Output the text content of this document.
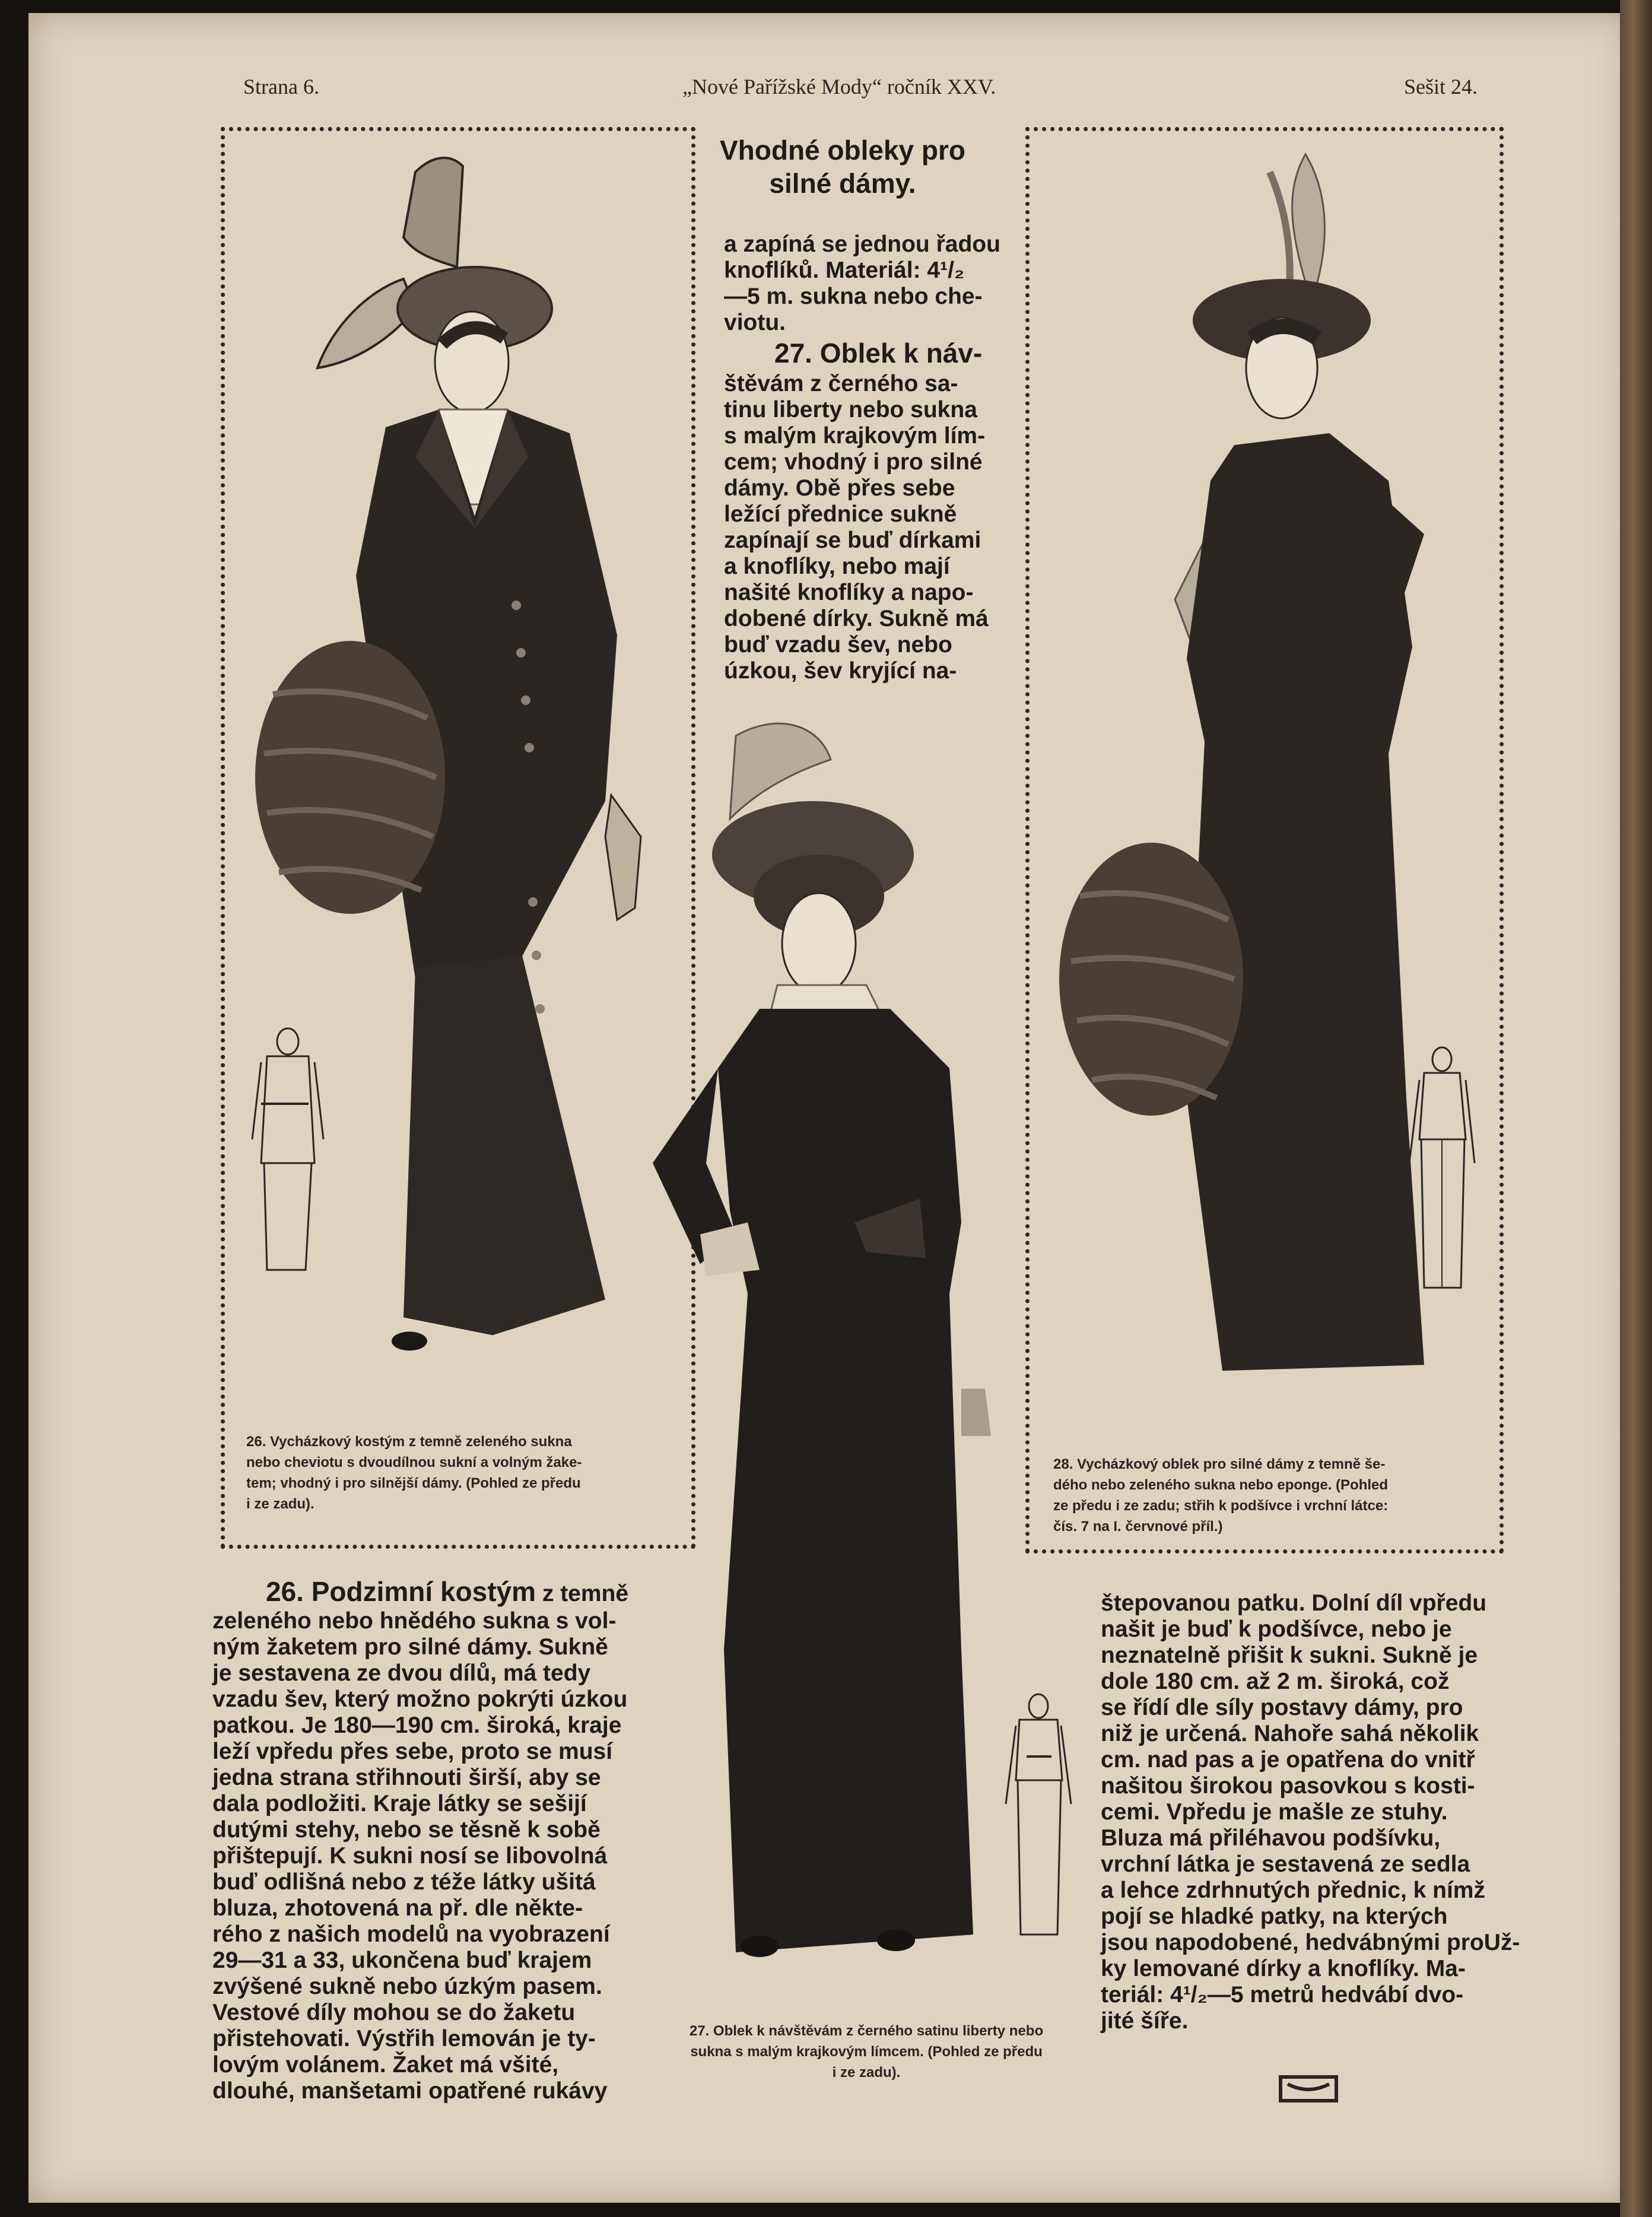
Strana 6.	„Nové Pařížské Mody“ ročník XXV.	Sešit 24.
Vhodné obleky pro silné dámy.
a zapíná se jednou řadou
knoflíků. Materiál: 4¹/₂
—5 m. sukna nebo che-
viotu.
27. Oblek k náv-
štěvám z černého sa-
tinu liberty nebo sukna
s malým krajkovým lím-
cem; vhodný i pro silné
dámy. Obě přes sebe
ležící přednice sukně
zapínají se buď dírkami
a knoflíky, nebo mají
našité knoflíky a napo-
dobené dírky. Sukně má
buď vzadu šev, nebo
úzkou, šev kryjící na-
26. Vycházkový kostým z temně zeleného sukna
nebo cheviotu s dvoudílnou sukní a volným žake-
tem; vhodný i pro silnější dámy. (Pohled ze předu
i ze zadu).
28. Vycházkový oblek pro silné dámy z temně še-
dého nebo zeleného sukna nebo eponge. (Pohled
ze předu i ze zadu; střih k podšívce i vrchní látce:
čís. 7 na I. červnové příl.)
27. Oblek k návštěvám z černého satinu liberty nebo
sukna s malým krajkovým límcem. (Pohled ze předu
i ze zadu).
26. Podzimní kostým z temně
zeleného nebo hnědého sukna s vol-
ným žaketem pro silné dámy. Sukně
je sestavena ze dvou dílů, má tedy
vzadu šev, který možno pokrýti úzkou
patkou. Je 180—190 cm. široká, kraje
leží vpředu přes sebe, proto se musí
jedna strana střihnouti širší, aby se
dala podložiti. Kraje látky se sešijí
dutými stehy, nebo se těsně k sobě
přištepují. K sukni nosí se libovolná
buď odlišná nebo z téže látky ušitá
bluza, zhotovená na př. dle někte-
rého z našich modelů na vyobrazení
29—31 a 33, ukončena buď krajem
zvýšené sukně nebo úzkým pasem.
Vestové díly mohou se do žaketu
přistehovati. Výstřih lemován je ty-
lovým volánem. Žaket má všité,
dlouhé, manšetami opatřené rukávy
štepovanou patku. Dolní díl vpředu
našit je buď k podšívce, nebo je
neznatelně přišit k sukni. Sukně je
dole 180 cm. až 2 m. široká, což
se řídí dle síly postavy dámy, pro
niž je určená. Nahoře sahá několik
cm. nad pas a je opatřena do vnitř
našitou širokou pasovkou s kosti-
cemi. Vpředu je mašle ze stuhy.
Bluza má přiléhavou podšívku,
vrchní látka je sestavená ze sedla
a lehce zdrhnutých přednic, k nímž
pojí se hladké patky, na kterých
jsou napodobené, hedvábnými proUž-
ky lemované dírky a knoflíky. Ma-
teriál: 4¹/₂—5 metrů hedvábí dvo-
jité šíře.
